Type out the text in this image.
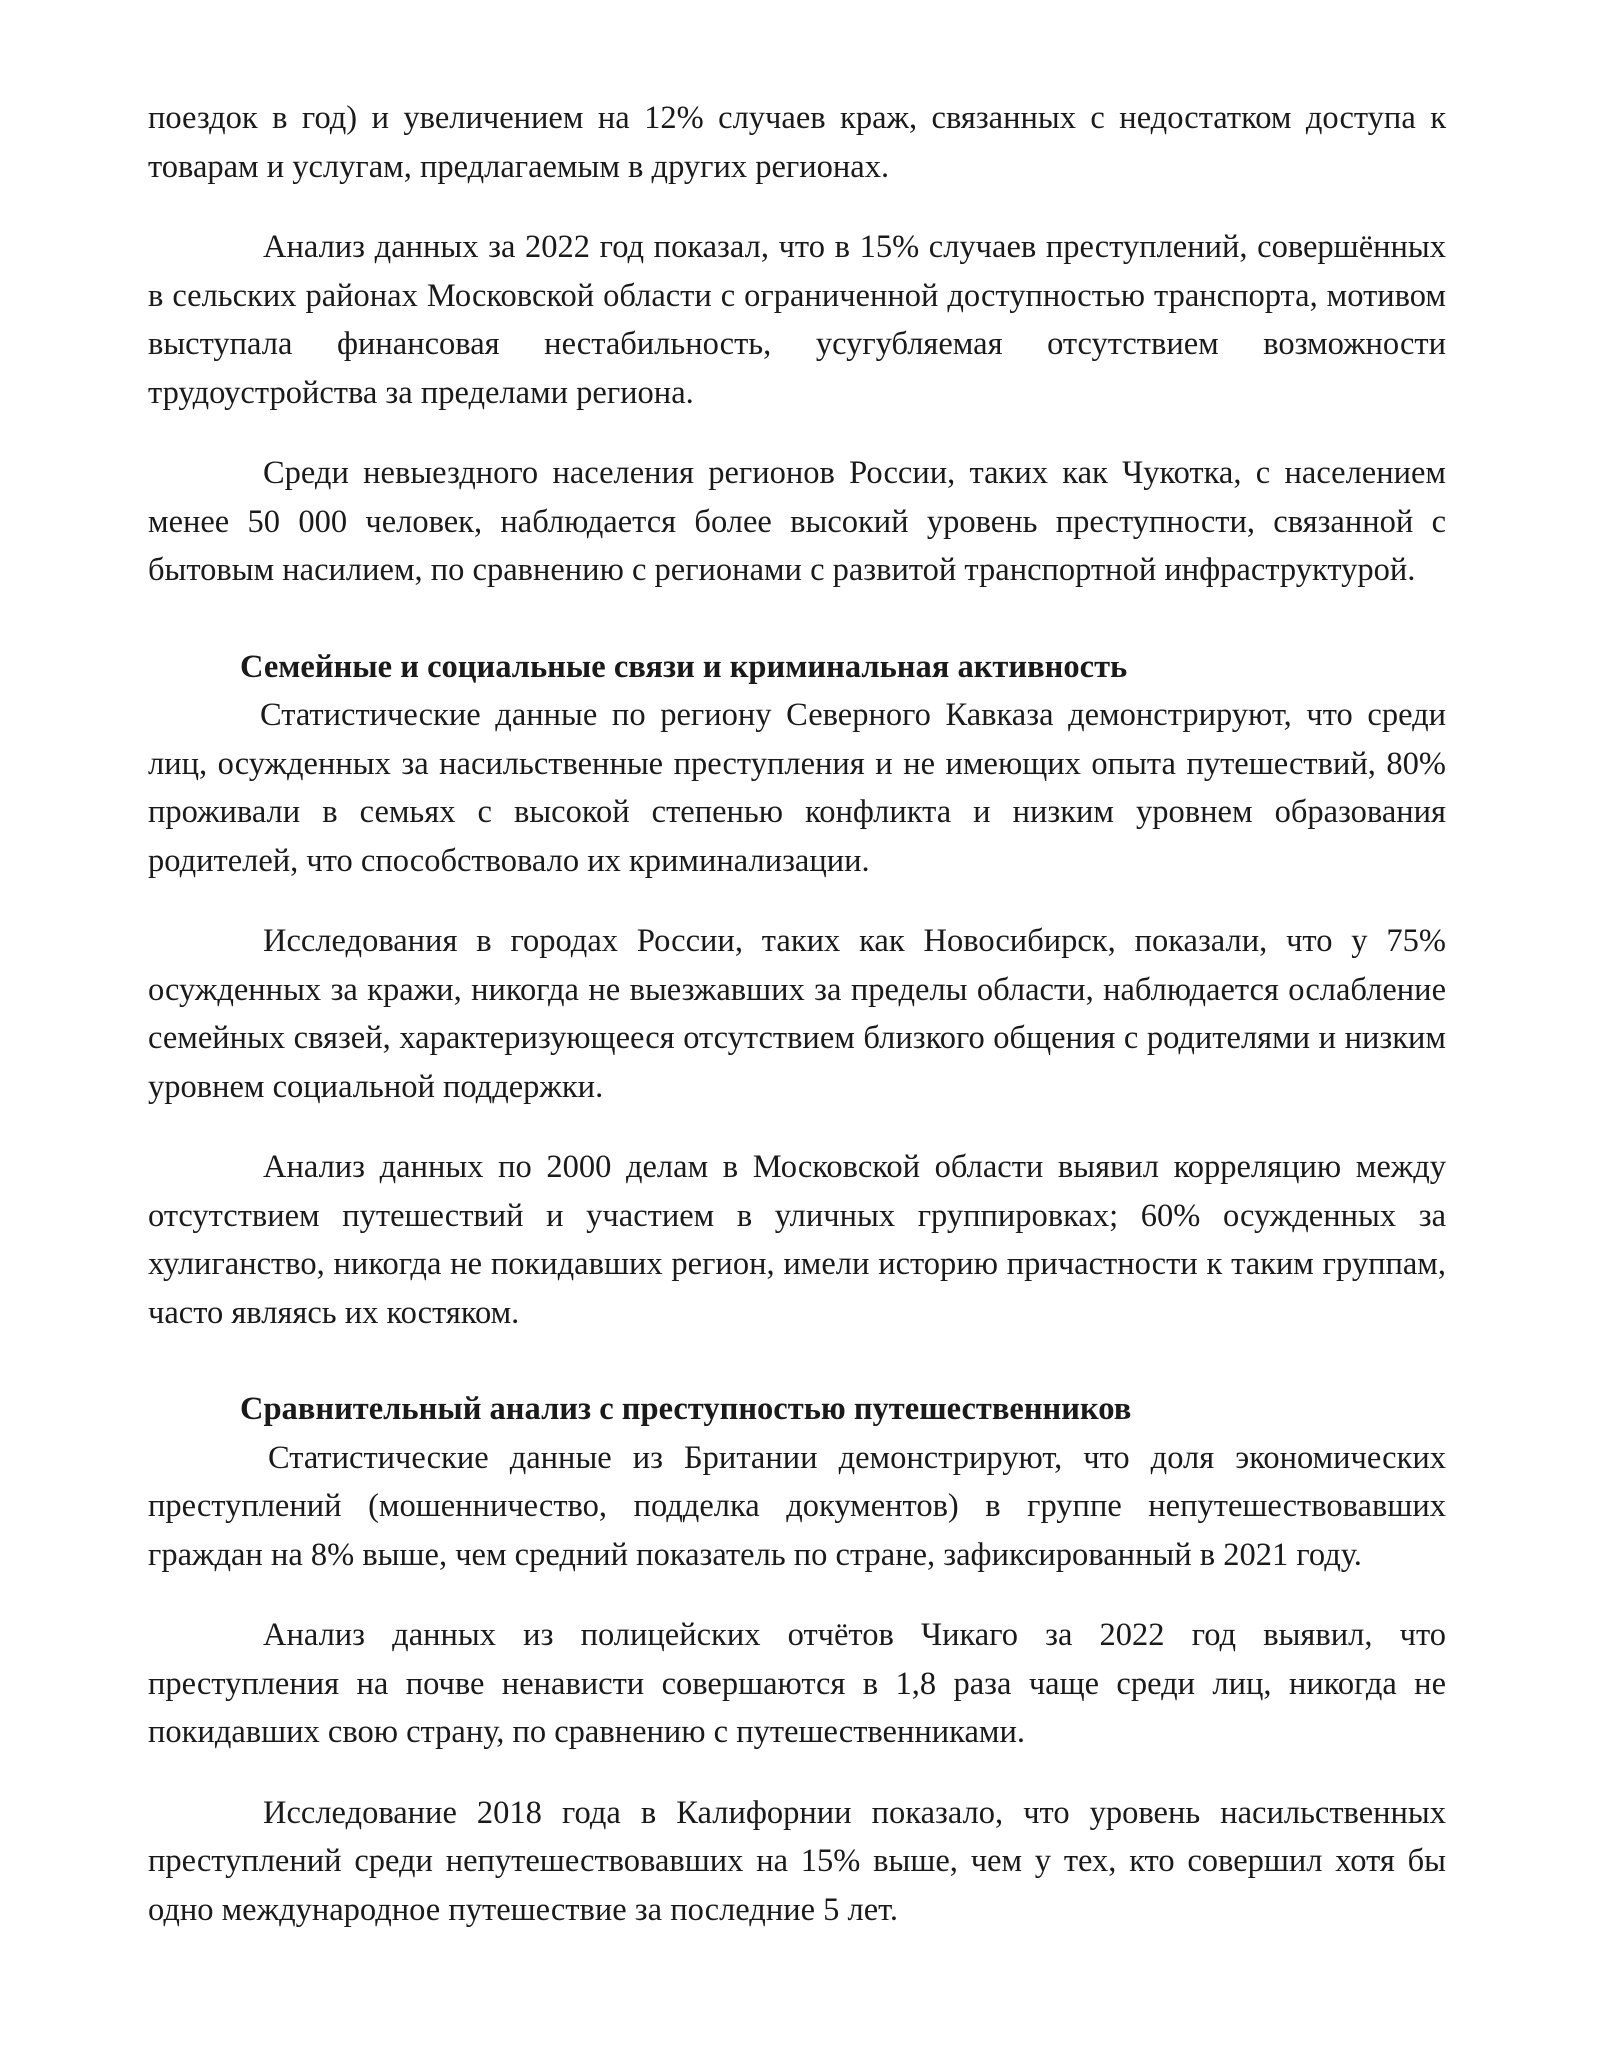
поездок в год) и увеличением на 12% случаев краж, связанных с недостатком доступа к товарам и услугам, предлагаемым в других регионах.

Анализ данных за 2022 год показал, что в 15% случаев преступлений, совершённых в сельских районах Московской области с ограниченной доступностью транспорта, мотивом выступала финансовая нестабильность, усугубляемая отсутствием возможности трудоустройства за пределами региона.

Среди невыездного населения регионов России, таких как Чукотка, с населением менее 50 000 человек, наблюдается более высокий уровень преступности, связанной с бытовым насилием, по сравнению с регионами с развитой транспортной инфраструктурой.

Семейные и социальные связи и криминальная активность

Статистические данные по региону Северного Кавказа демонстрируют, что среди лиц, осужденных за насильственные преступления и не имеющих опыта путешествий, 80% проживали в семьях с высокой степенью конфликта и низким уровнем образования родителей, что способствовало их криминализации.

Исследования в городах России, таких как Новосибирск, показали, что у 75% осужденных за кражи, никогда не выезжавших за пределы области, наблюдается ослабление семейных связей, характеризующееся отсутствием близкого общения с родителями и низким уровнем социальной поддержки.

Анализ данных по 2000 делам в Московской области выявил корреляцию между отсутствием путешествий и участием в уличных группировках; 60% осужденных за хулиганство, никогда не покидавших регион, имели историю причастности к таким группам, часто являясь их костяком.

Сравнительный анализ с преступностью путешественников

Статистические данные из Британии демонстрируют, что доля экономических преступлений (мошенничество, подделка документов) в группе непутешествовавших граждан на 8% выше, чем средний показатель по стране, зафиксированный в 2021 году.

Анализ данных из полицейских отчётов Чикаго за 2022 год выявил, что преступления на почве ненависти совершаются в 1,8 раза чаще среди лиц, никогда не покидавших свою страну, по сравнению с путешественниками.

Исследование 2018 года в Калифорнии показало, что уровень насильственных преступлений среди непутешествовавших на 15% выше, чем у тех, кто совершил хотя бы одно международное путешествие за последние 5 лет.
